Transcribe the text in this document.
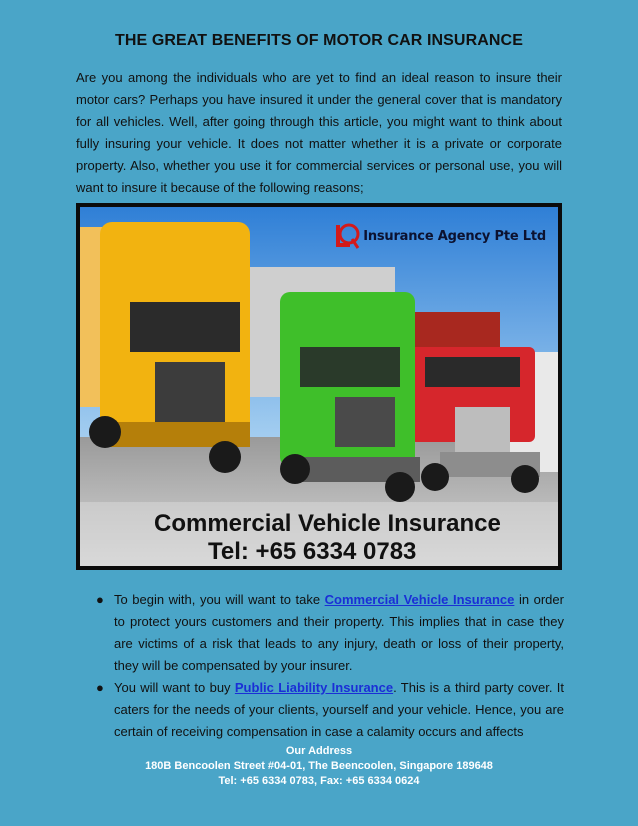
THE GREAT BENEFITS OF MOTOR CAR INSURANCE
Are you among the individuals who are yet to find an ideal reason to insure their motor cars? Perhaps you have insured it under the general cover that is mandatory for all vehicles. Well, after going through this article, you might want to think about fully insuring your vehicle. It does not matter whether it is a private or corporate property. Also, whether you use it for commercial services or personal use, you will want to insure it because of the following reasons;
Insurance Agency Pte Ltd
Commercial Vehicle Insurance
Tel: +65 6334 0783
● To begin with, you will want to take Commercial Vehicle Insurance in order to protect yours customers and their property. This implies that in case they are victims of a risk that leads to any injury, death or loss of their property, they will be compensated by your insurer.
● You will want to buy Public Liability Insurance. This is a third party cover. It caters for the needs of your clients, yourself and your vehicle. Hence, you are certain of receiving compensation in case a calamity occurs and affects
Our Address
180B Bencoolen Street #04-01, The Beencoolen, Singapore 189648
Tel: +65 6334 0783, Fax: +65 6334 0624
